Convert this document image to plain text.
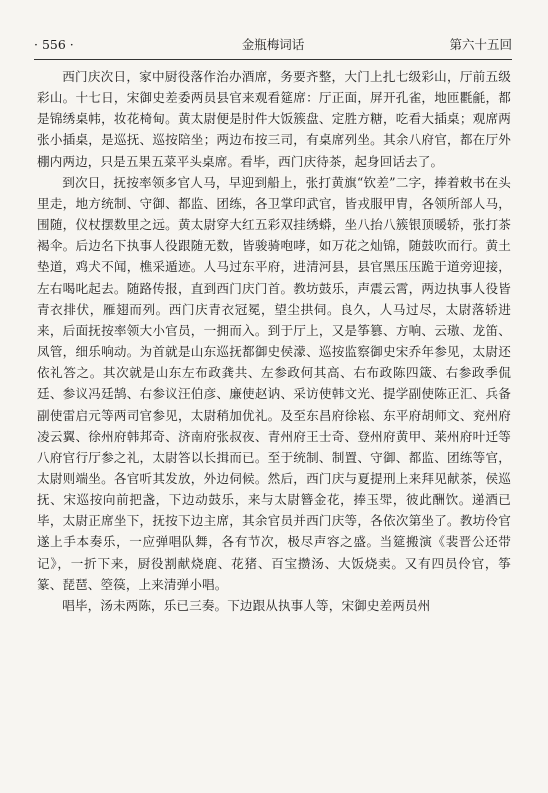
· 556 ·	金瓶梅词话	第六十五回

西门庆次日，家中厨役落作治办酒席，务要齐整，大门上扎七级彩山，厅前五级彩山。十七日，宋御史差委两员县官来观看筵席：厅正面，屏开孔雀，地匝氍毹，都是锦绣桌帏，妆花椅甸。黄太尉便是肘件大饭簇盘、定胜方糖，吃看大插桌；观席两张小插桌，是巡抚、巡按陪坐；两边布按三司，有桌席列坐。其余八府官，都在厅外棚内两边，只是五果五菜平头桌席。看毕，西门庆待茶，起身回话去了。

到次日，抚按率领多官人马，早迎到船上，张打黄旗“钦差”二字，捧着敕书在头里走，地方统制、守御、都监、团练，各卫掌印武官，皆戎服甲胄，各领所部人马，围随，仪杖摆数里之远。黄太尉穿大红五彩双挂绣蟒，坐八抬八簇银顶暖轿，张打茶褐伞。后边名下执事人役跟随无数，皆骏骑咆哮，如万花之灿锦，随鼓吹而行。黄土垫道，鸡犬不闻，樵采遁迹。人马过东平府，进清河县，县官黑压压跪于道旁迎接，左右喝叱起去。随路传报，直到西门庆门首。教坊鼓乐，声震云霄，两边执事人役皆青衣排伏，雁翅而列。西门庆青衣冠冕，望尘拱伺。良久，人马过尽，太尉落轿进来，后面抚按率领大小官员，一拥而入。到于厅上，又是筝篡、方响、云璈、龙笛、凤管，细乐响动。为首就是山东巡抚都御史侯濛、巡按监察御史宋乔年参见，太尉还依礼答之。其次就是山东左布政龚共、左参政何其高、右布政陈四箴、右参政季侃廷、参议冯廷鹄、右参议汪伯彦、廉使赵讷、采访使韩文光、提学副使陈正汇、兵备副使雷启元等两司官参见，太尉稍加优礼。及至东昌府徐崧、东平府胡师文、兖州府凌云翼、徐州府韩邦奇、济南府张叔夜、青州府王士奇、登州府黄甲、莱州府叶迁等八府官行厅参之礼，太尉答以长揖而已。至于统制、制置、守御、都监、团练等官，太尉则端坐。各官听其发放，外边伺候。然后，西门庆与夏提刑上来拜见献茶，侯巡抚、宋巡按向前把盏，下边动鼓乐，来与太尉簪金花，捧玉斝，彼此酬饮。递酒已毕，太尉正席坐下，抚按下边主席，其余官员并西门庆等，各依次第坐了。教坊伶官遂上手本奏乐，一应弹唱队舞，各有节次，极尽声容之盛。当筵搬演《裴晋公还带记》，一折下来，厨役割献烧鹿、花猪、百宝攒汤、大饭烧卖。又有四员伶官，筝篆、琵琶、箜篌，上来清弹小唱。

唱毕，汤未两陈，乐已三奏。下边跟从执事人等，宋御史差两员州
